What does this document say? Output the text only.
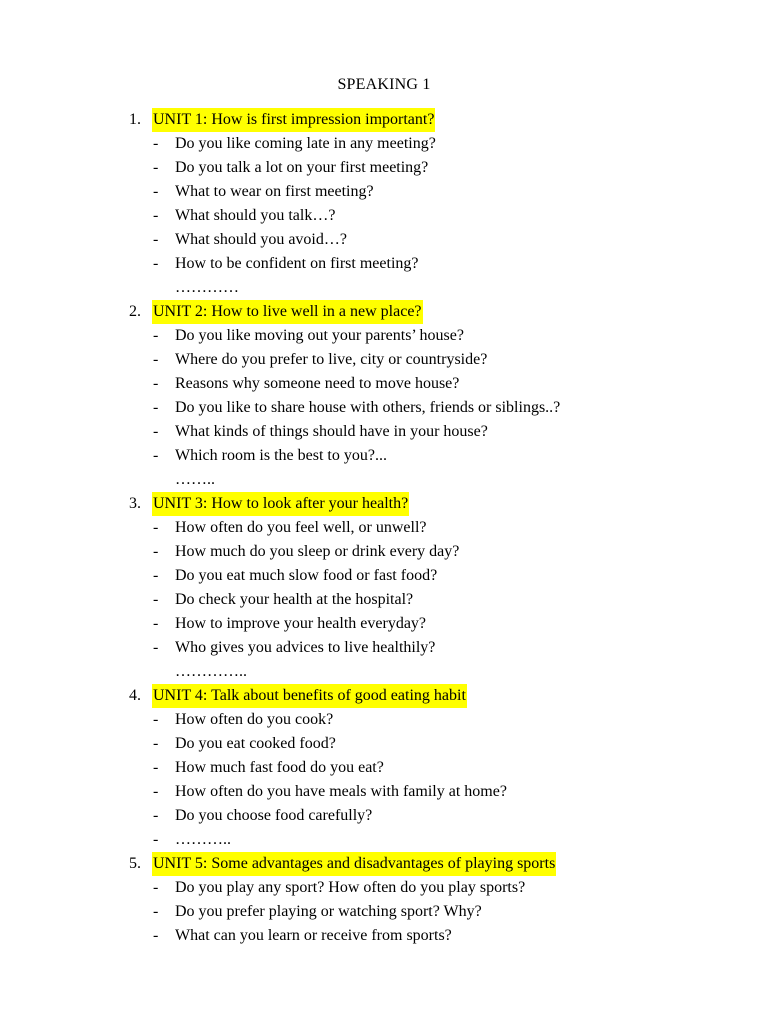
SPEAKING 1
1. UNIT 1: How is first impression important?
- Do you like coming late in any meeting?
- Do you talk a lot on your first meeting?
- What to wear on first meeting?
- What should you talk…?
- What should you avoid…?
- How to be confident on first meeting?
…………
2. UNIT 2: How to live well in a new place?
- Do you like moving out your parents’ house?
- Where do you prefer to live, city or countryside?
- Reasons why someone need to move house?
- Do you like to share house with others, friends or siblings..?
- What kinds of things should have in your house?
- Which room is the best to you?...
……..
3. UNIT 3: How to look after your health?
- How often do you feel well, or unwell?
- How much do you sleep or drink every day?
- Do you eat much slow food or fast food?
- Do check your health at the hospital?
- How to improve your health everyday?
- Who gives you advices to live healthily?
…………..
4. UNIT 4: Talk about benefits of good eating habit
- How often do you cook?
- Do you eat cooked food?
- How much fast food do you eat?
- How often do you have meals with family at home?
- Do you choose food carefully?
- ………..
5. UNIT 5: Some advantages and disadvantages of playing sports
- Do you play any sport? How often do you play sports?
- Do you prefer playing or watching sport? Why?
- What can you learn or receive from sports?
